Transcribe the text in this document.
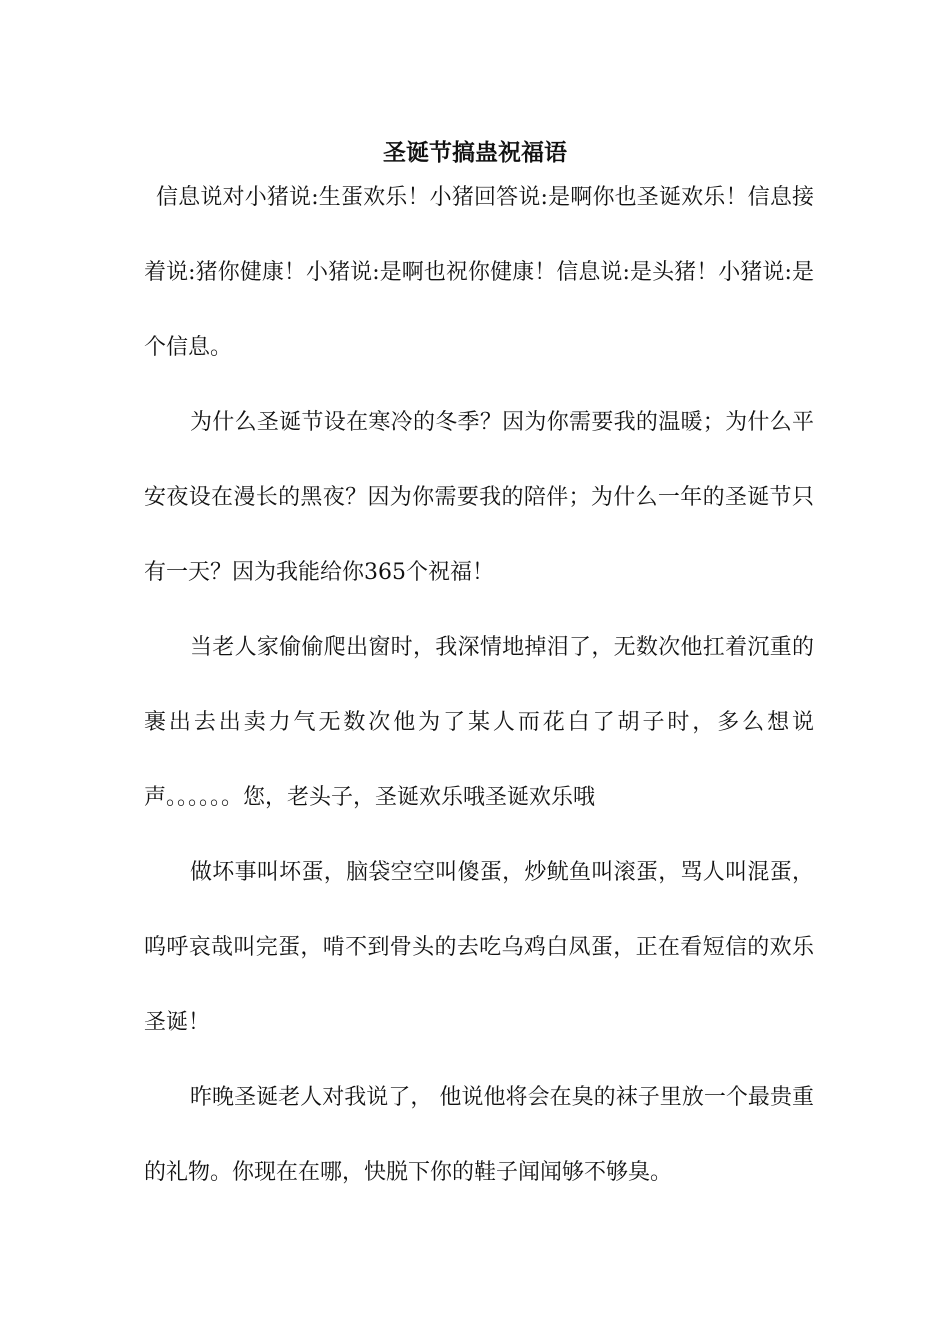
圣诞节搞蛊祝福语

信息说对小猪说:生蛋欢乐！小猪回答说:是啊你也圣诞欢乐！信息接着说:猪你健康！小猪说:是啊也祝你健康！信息说:是头猪！小猪说:是个信息。

为什么圣诞节设在寒冷的冬季？因为你需要我的温暖；为什么平安夜设在漫长的黑夜？因为你需要我的陪伴；为什么一年的圣诞节只有一天？因为我能给你365个祝福！

当老人家偷偷爬出窗时，我深情地掉泪了，无数次他扛着沉重的裹出去出卖力气无数次他为了某人而花白了胡子时，多么想说声。。。。。。您，老头子，圣诞欢乐哦圣诞欢乐哦

做坏事叫坏蛋，脑袋空空叫傻蛋，炒鱿鱼叫滚蛋，骂人叫混蛋，呜呼哀哉叫完蛋，啃不到骨头的去吃乌鸡白凤蛋，正在看短信的欢乐圣诞！

昨晚圣诞老人对我说了， 他说他将会在臭的袜子里放一个最贵重的礼物。你现在在哪，快脱下你的鞋子闻闻够不够臭。
